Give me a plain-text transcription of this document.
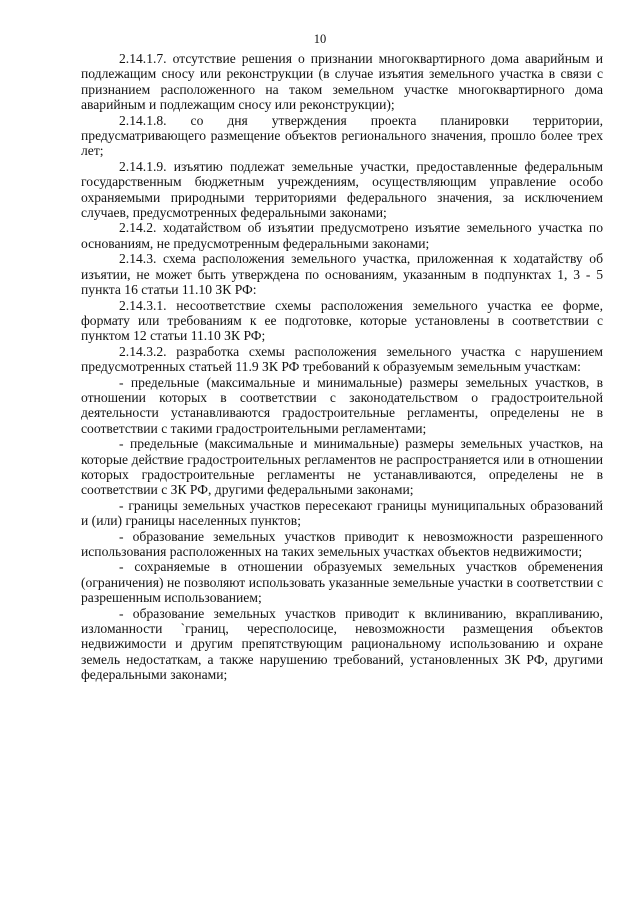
10

2.14.1.7. отсутствие решения о признании многоквартирного дома аварийным и подлежащим сносу или реконструкции (в случае изъятия земельного участка в связи с признанием расположенного на таком земельном участке многоквартирного дома аварийным и подлежащим сносу или реконструкции);

2.14.1.8. со дня утверждения проекта планировки территории, предусматривающего размещение объектов регионального значения, прошло более трех лет;

2.14.1.9. изъятию подлежат земельные участки, предоставленные федеральным государственным бюджетным учреждениям, осуществляющим управление особо охраняемыми природными территориями федерального значения, за исключением случаев, предусмотренных федеральными законами;

2.14.2. ходатайством об изъятии предусмотрено изъятие земельного участка по основаниям, не предусмотренным федеральными законами;

2.14.3. схема расположения земельного участка, приложенная к ходатайству об изъятии, не может быть утверждена по основаниям, указанным в подпунктах 1, 3 - 5 пункта 16 статьи 11.10 ЗК РФ:

2.14.3.1. несоответствие схемы расположения земельного участка ее форме, формату или требованиям к ее подготовке, которые установлены в соответствии с пунктом 12 статьи 11.10 ЗК РФ;

2.14.3.2. разработка схемы расположения земельного участка с нарушением предусмотренных статьей 11.9 ЗК РФ требований к образуемым земельным участкам:

- предельные (максимальные и минимальные) размеры земельных участков, в отношении которых в соответствии с законодательством о градостроительной деятельности устанавливаются градостроительные регламенты, определены не в соответствии с такими градостроительными регламентами;

- предельные (максимальные и минимальные) размеры земельных участков, на которые действие градостроительных регламентов не распространяется или в отношении которых градостроительные регламенты не устанавливаются, определены не в соответствии с ЗК РФ, другими федеральными законами;

- границы земельных участков пересекают границы муниципальных образований и (или) границы населенных пунктов;

- образование земельных участков приводит к невозможности разрешенного использования расположенных на таких земельных участках объектов недвижимости;

- сохраняемые в отношении образуемых земельных участков обременения (ограничения) не позволяют использовать указанные земельные участки в соответствии с разрешенным использованием;

- образование земельных участков приводит к вклиниванию, вкрапливанию, изломанности `границ, чересполосице, невозможности размещения объектов недвижимости и другим препятствующим рациональному использованию и охране земель недостаткам, а также нарушению требований, установленных ЗК РФ, другими федеральными законами;
